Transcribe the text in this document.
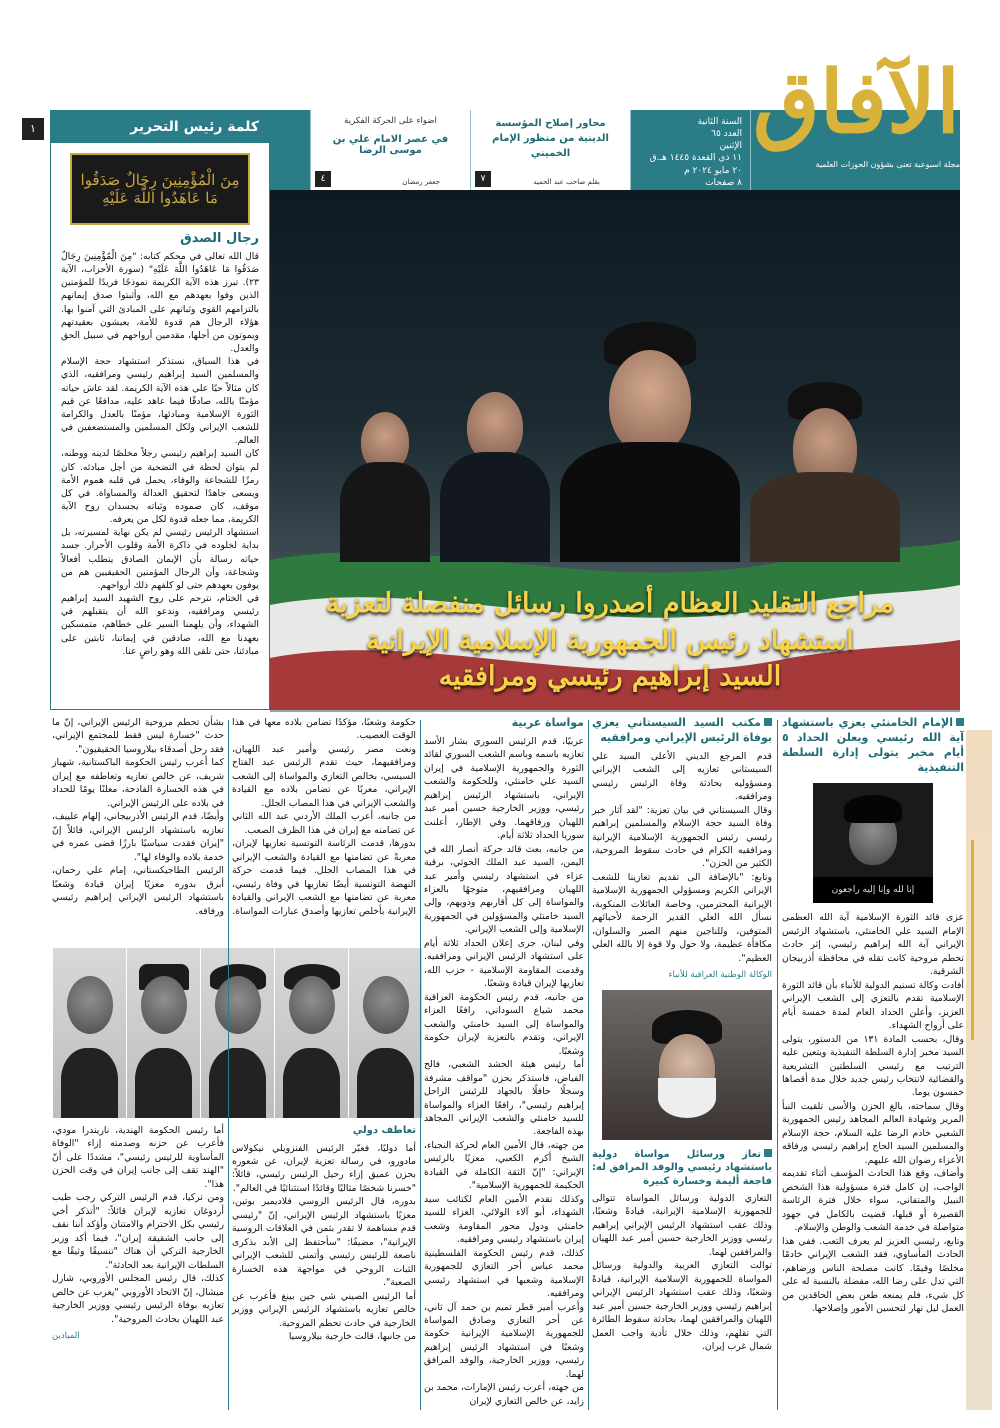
السنة الثانية
العدد ٦٥
الإثنين
١١ ذي القعدة ١٤٤٥ هـ.ق
٢٠ مايو ٢٠٢٤ م
٨ صفحات
محاور إصلاح المؤسسة الدينية من منظور الإمام الخميني
بقلم صاحب عبد الحميد
٧
اضواء على الحركة الفكرية
في عصر الامام علي بن موسى الرضا
جعفر رمضان
٤
الآفاق
مجلة اسبوعية تعنى بشؤون الحوزات العلمية
كلمة رئيس التحرير
مِنَ الْمُؤْمِنِينَ رِجَالٌ صَدَقُوا مَا عَاهَدُوا اللَّهَ عَلَيْهِ
رجال الصدق

قال الله تعالى في محكم كتابه: "مِنَ الْمُؤْمِنِينَ رِجَالٌ صَدَقُوا مَا عَاهَدُوا اللَّهَ عَلَيْهِ" (سورة الأحزاب، الآية ٢٣). تبرز هذه الآية الكريمة نموذجًا فريدًا للمؤمنين الذين وفوا بعهدهم مع الله، وأثبتوا صدق إيمانهم بالتزامهم القوي وثباتهم على المبادئ التي آمنوا بها. هؤلاء الرجال هم قدوة للأمة، يعيشون بعقيدتهم ويموتون من أجلها، مقدمين أرواحهم في سبيل الحق والعدل.

في هذا السياق، نستذكر استشهاد حجة الإسلام والمسلمين السيد إبراهيم رئيسي ومرافقيه، الذي كان مثالاً حيًا على هذه الآية الكريمة. لقد عاش حياته مؤمنًا بالله، صادقًا فيما عاهد عليه، مدافعًا عن قيم الثورة الإسلامية ومبادئها، مؤمنًا بالعدل والكرامة للشعب الإيراني ولكل المسلمين والمستضعفين في العالم.

كان السيد إبراهيم رئيسي رجلاً مخلصًا لدينه ووطنه، لم يتوان لحظة في التضحية من أجل مبادئه. كان رمزًا للشجاعة والوفاء، يحمل في قلبه هموم الأمة ويسعى جاهدًا لتحقيق العدالة والمساواة. في كل موقف، كان صموده وثباته يجسدان روح الآية الكريمة، مما جعله قدوة لكل من يعرفه.

استشهاد الرئيس رئيسي لم يكن نهاية لمسيرته، بل بداية لخلوده في ذاكرة الأمة وقلوب الأحرار. جسد حياته رسالة بأن الإيمان الصادق يتطلب أفعالاً وشجاعة، وأن الرجال المؤمنين الحقيقيين هم من يوفون بعهدهم حتى لو كلفهم ذلك أرواحهم.

في الختام، نترحم على روح الشهيد السيد إبراهيم رئيسي ومرافقيه، وندعو الله أن يتقبلهم في الشهداء، وأن يلهمنا السير على خطاهم، متمسكين بعهدنا مع الله، صادقين في إيماننا، ثابتين على مبادئنا، حتى نلقى الله وهو راضٍ عنا.

مراجع التقليد العظام أصدروا رسائل منفصلة لتعزية
استشهاد رئيس الجمهورية الإسلامية الإيرانية
السيد إبراهيم رئيسي ومرافقيه
الإمام الخامنئي يعزي باستشهاد آية الله رئيسي ويعلن الحداد ٥ أيام مخبر يتولى إدارة السلطة التنفيذية
إنا لله وإنا إليه راجعون

عزى قائد الثورة الإسلامية آية الله العظمى الإمام السيد علي الخامنئي، باستشهاد الرئيس الإيراني آية الله إبراهيم رئيسي، إثر حادث تحطم مروحية كانت تقله في محافظة أذربيجان الشرقية.

أفادت وكالة تسنيم الدولية للأنباء بأن قائد الثورة الإسلامية تقدم بالتعزي إلى الشعب الإيراني العزيز، وأعلن الحداد العام لمدة خمسة أيام على أرواح الشهداء.

وقال، بحسب المادة ١٣١ من الدستور، يتولى السيد مخبر إدارة السلطة التنفيذية ويتعين عليه الترتيب مع رئيسي السلطتين التشريعية والقضائية لانتخاب رئيس جديد خلال مدة أقصاها خمسون يوما.

وقال سماحته، بالغ الحزن والأسى تلقيت النبأ المرير وشهادة العالم المجاهد رئيس الجمهورية الشعبي خادم الرضا عليه السلام، حجة الإسلام والمسلمين السيد الحاج إبراهيم رئيسي ورفاقه الأعزاء رضوان الله عليهم.

وأضاف، وقع هذا الحادث المؤسف أثناء تقديمه الواجب، إن كامل فترة مسؤولية هذا الشخص النبيل والمتفاني، سواء خلال فترة الرئاسة القصيرة أو قبلها، قضيت بالكامل في جهود متواصلة في خدمة الشعب والوطن والإسلام.

وتابع، رئيسي العزيز لم يعرف التعب. ففي هذا الحادث المأساوي، فقد الشعب الإيراني خادمًا مخلصًا وقيمًا. كانت مصلحة الناس ورضاهم، التي تدل على رضا الله، مفضلة بالنسبة له على كل شيء، فلم يمنعه طعن بعض الحاقدين من العمل ليل نهار لتحسين الأمور وإصلاحها.

مكتب السيد السيستاني يعزي بوفاة الرئيس الإيراني ومرافقيه

قدم المرجع الديني الأعلى السيد علي السيستاني تعازيه إلى الشعب الإيراني ومسؤوليه بحادثة وفاة الرئيس رئيسي ومرافقيه.

وقال السيستاني في بيان تعزية: "لقد آثار خبر وفاة السيد حجة الإسلام والمسلمين إبراهيم رئيسي رئيس الجمهورية الإسلامية الإيرانية ومرافقيه الكرام في حادث سقوط المروحية، الكثير من الحزن".

وتابع: "بالإضافة الى تقديم تعازينا للشعب الإيراني الكريم ومسؤولي الجمهورية الإسلامية الإيرانية المحترمين، وخاصة العائلات المنكوبة، نسأل الله العلي القدير الرحمة لأحبائهم المتوفين، وللناجين منهم الصبر والسلوان، مكافأة عظيمة، ولا حول ولا قوة إلا بالله العلي العظيم".

الوكالة الوطنية العراقية للأنباء
تعاز ورسائل مواساة دولية باستشهاد رئيسي والوفد المرافق له: فاجعة أليمة وخسارة كبيرة

التعازي الدولية ورسائل المواساة تتوالى للجمهورية الإسلامية الإيرانية، قيادةً وشعبًا، وذلك عقب استشهاد الرئيس الإيراني إبراهيم رئيسي ووزير الخارجية حسين أمير عبد اللهيان والمرافقين لهما.

توالت التعازي العربية والدولية ورسائل المواساة للجمهورية الإسلامية الإيرانية، قيادةً وشعبًا، وذلك عقب استشهاد الرئيس الإيراني إبراهيم رئيسي ووزير الخارجية حسين أمير عبد اللهيان والمرافقين لهما، بحادثة سقوط الطائرة التي تقلهم، وذلك خلال تأدية واجب العمل شمال غرب إيران.

مواساة عربية

عربيًا، قدم الرئيس السوري بشار الأسد تعازيه باسمه وباسم الشعب السوري لقائد الثورة والجمهورية الإسلامية في إيران السيد علي خامنئي، وللحكومة والشعب الإيراني، باستشهاد الرئيس إبراهيم رئيسي، ووزير الخارجية حسين أمير عبد اللهيان ورفاقهما. وفي الإطار، أعلنت سوريا الحداد ثلاثة أيام.

من جانبه، بعث قائد حركة أنصار الله في اليمن، السيد عبد الملك الحوثي، برقية عزاء في استشهاد رئيسي وأمير عبد اللهيان ومرافقيهم، متوجهًا بالعزاء والمواساة إلى كل أقاربهم وذويهم، وإلى السيد خامنئي والمسؤولين في الجمهورية الإسلامية وإلى الشعب الإيراني.

وفي لبنان، جرى إعلان الحداد ثلاثة أيام على استشهاد الرئيس الإيراني ومرافقيه. وقدمت المقاومة الإسلامية - حزب الله، تعازيها لإيران قيادة وشعبًا.

من جانبه، قدم رئيس الحكومة العراقية محمد شياع السوداني، رافعًا العزاء والمواساة إلى السيد خامنئي والشعب الإيراني، وتقدم بالتعزية لإيران حكومة وشعبًا.

أما رئيس هيئة الحشد الشعبي، فالح الفياض، فاستذكر بحزن "مواقف مشرفة وسجلًا حافلًا بالجهاد للرئيس الراحل إبراهيم رئيسي"، رافعًا العزاء والمواساة للسيد خامنئي والشعب الإيراني المجاهد بهذه الفاجعة.

من جهته، قال الأمين العام لحركة النجباء، الشيخ أكرم الكعبي، معزيًا بالرئيس الإيراني: "إنّ الثقة الكاملة في القيادة الحكيمة للجمهورية الإسلامية".

وكذلك تقدم الأمين العام لكتائب سيد الشهداء، أبو آلاء الولائي، العزاء للسيد خامنئي ودول محور المقاومة وشعب إيران باستشهاد رئيسي ومرافقيه.

كذلك، قدم رئيس الحكومة الفلسطينية محمد عباس أحر التعازي للجمهورية الإسلامية وشعبها في استشهاد رئيسي ومرافقيه.

وأعرب أمير قطر تميم بن حمد آل ثاني، عن أحر التعازي وصادق المواساة للجمهورية الإسلامية الإيرانية حكومة وشعبًا في استشهاد الرئيس إبراهيم رئيسي، ووزير الخارجية، والوفد المرافق لهما.

من جهته، أعرب رئيس الإمارات، محمد بن زايد، عن خالص التعازي لإيران

حكومة وشعبًا، مؤكدًا تضامن بلاده معها في هذا الوقت العصيب.

ونعت مصر رئيسي وأمير عبد اللهيان، ومرافقيهما، حيث تقدم الرئيس عبد الفتاح السيسي، بخالص التعازي والمواساة إلى الشعب الإيراني، معربًا عن تضامن بلاده مع القيادة والشعب الإيراني في هذا المصاب الجلل.

من جانبه، أعرب الملك الأردني عبد الله الثاني عن تضامنه مع إيران في هذا الظرف الصعب.

بدورها، قدمت الرئاسة التونسية تعازيها لإيران، معربةً عن تضامنها مع القيادة والشعب الإيراني في هذا المصاب الجلل. فيما قدمت حركة النهضة التونسية أيضًا تعازيها في وفاة رئيسي، معربة عن تضامنها مع الشعب الإيراني والقيادة الإيرانية بأخلص تعازيها وأصدق عبارات المواساة.

بشأن تحطم مروحية الرئيس الإيراني، إنّ ما حدث "خسارة ليس فقط للمجتمع الإيراني، فقد رحل أصدقاء بيلاروسيا الحقيقيون".

كما أعرب رئيس الحكومة الباكستانية، شهباز شريف، عن خالص تعازيه وتعاطفه مع إيران في هذه الخسارة الفادحة، معلنًا يومًا للحداد في بلاده على الرئيس الإيراني.

وأيضًا، قدم الرئيس الأذربيجاني، إلهام علييف، تعازيه باستشهاد الرئيس الإيراني، قائلاً إنّ "إيران فقدت سياسيًا بارزًا قضى عمره في خدمة بلاده والوفاء لها".

الرئيس الطاجيكستاني، إمام علي رحمان، أبرق بدوره معزيًا إيران قيادة وشعبًا باستشهاد الرئيس الإيراني إبراهيم رئيسي ورفاقه.

تعاطف دولي

أما دوليًا، فعبّر الرئيس الفنزويلي نيكولاس مادورو، في رسالة تعزية لإيران، عن شعوره بحزن عميق إزاء رحيل الرئيس رئيسي، قائلاً: "خسرنا شخصًا مثاليًا وقائدًا استثنائيًا في العالم".

بدوره، قال الرئيس الروسي فلاديمير بوتين، معزيًا باستشهاد الرئيس الإيراني، إنّ "رئيسي قدم مساهمة لا تقدر بثمن في العلاقات الروسية الإيرانية"، مضيفًا: "سأحتفظ إلى الأبد بذكرى ناصعة للرئيس رئيسي وأتمنى للشعب الإيراني الثبات الروحي في مواجهة هذه الخسارة الصعبة".

أما الرئيس الصيني شي جين بينغ فأعرب عن خالص تعازيه باستشهاد الرئيس الإيراني ووزير الخارجية في حادث تحطم المروحية.

من جانبها، قالت خارجية بيلاروسيا

أما رئيس الحكومة الهندية، ناريندرا مودي، فأعرب عن حزنه وصدمته إزاء "الوفاة المأساوية للرئيس رئيسي"، مشددًا على أنّ "الهند تقف إلى جانب إيران في وقت الحزن هذا".

ومن تركيا، قدم الرئيس التركي رجب طيب أردوغان تعازيه لإيران قائلاً: "أتذكر أخي رئيسي بكل الاحترام والامتنان وأؤكد أننا نقف إلى جانب الشقيقة إيران"، فيما أكد وزير الخارجية التركي أن هناك "تنسيقًا وثيقًا مع السلطات الإيرانية بعد الحادثة".

كذلك، قال رئيس المجلس الأوروبي، شارل ميشال، إنّ الاتحاد الأوروبي "يعرب عن خالص تعازيه بوفاة الرئيس رئيسي ووزير الخارجية عبد اللهيان بحادث المروحية".

الميادين
١
